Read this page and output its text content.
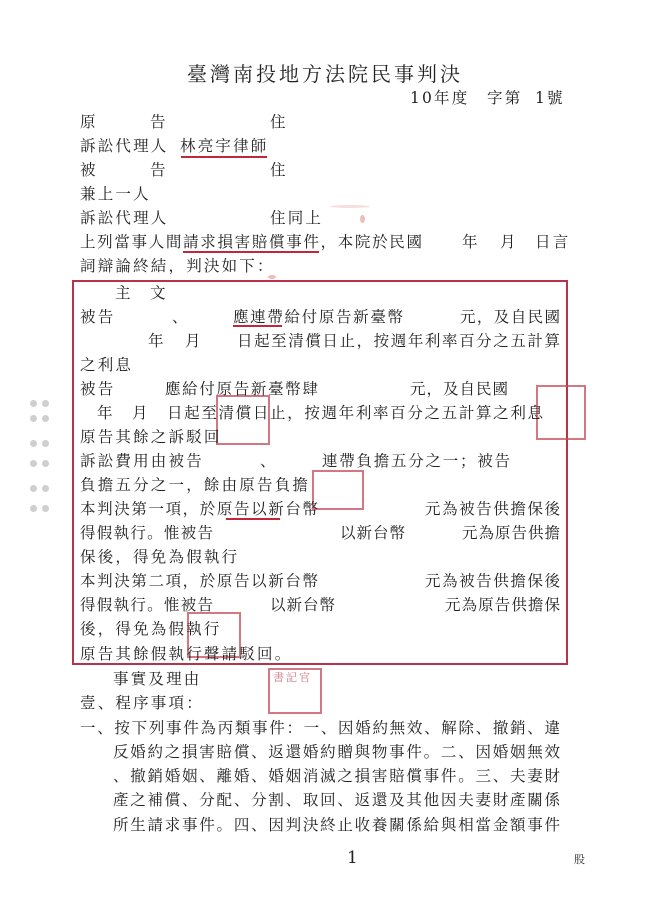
書記官
臺灣南投地方法院民事判決
10 年度 字第 1號
原	告	住
訴訟代理人 林亮宇律師
被	告	住
兼上一人
訴訟代理人	住同上
上列當事人間請求損害賠償事件，本院於民國	年 月 日言
詞辯論終結，判決如下：
主 文
被告	、	應連帶給付原告新臺幣	元，及自民國
年 月 日起至清償日止，按週年利率百分之五計算
之利息
被告	應給付原告新臺幣肆	元，及自民國
年 月 日起至清償日止，按週年利率百分之五計算之利息
原告其餘之訴駁回
訴訟費用由被告	、	連帶負擔五分之一；被告
負擔五分之一，餘由原告負擔
本判決第一項，於原告以新台幣	元為被告供擔保後
得假執行。惟被告	以新台幣	元為原告供擔
保後，得免為假執行
本判決第二項，於原告以新台幣	元為被告供擔保後
得假執行。惟被告	以新台幣	元為原告供擔保
後，得免為假執行
原告其餘假執行聲請駁回。
事實及理由
壹、程序事項：
一、按下列事件為丙類事件：一、因婚約無效、解除、撤銷、違
反婚約之損害賠償、返還婚約贈與物事件。二、因婚姻無效
、撤銷婚姻、離婚、婚姻消滅之損害賠償事件。三、夫妻財
產之補償、分配、分割、取回、返還及其他因夫妻財產關係
所生請求事件。四、因判決終止收養關係給與相當金額事件
1	股
